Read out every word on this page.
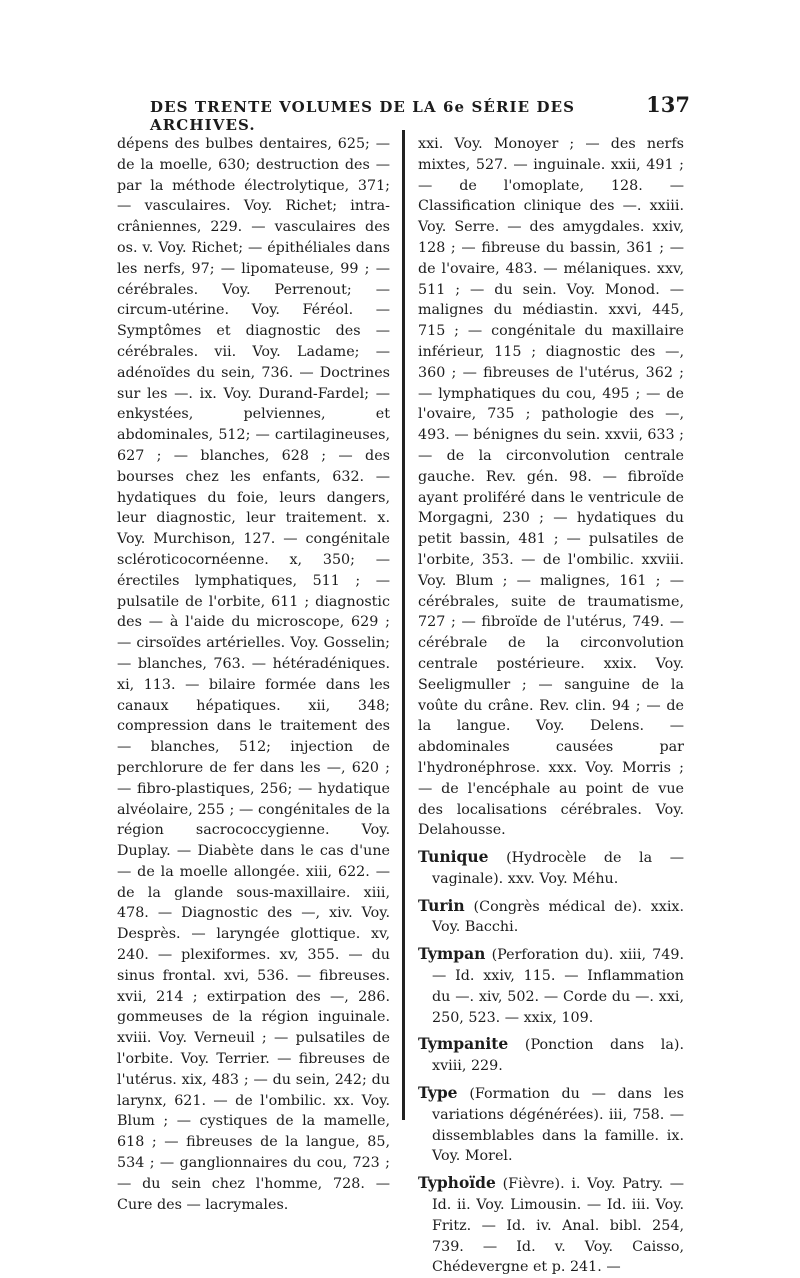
DES TRENTE VOLUMES DE LA 6e SÉRIE DES ARCHIVES.
137

dépens des bulbes dentaires, 625; — de la moelle, 630; destruction des — par la méthode électrolytique, 371; — vasculaires. Voy. Richet; intra-crâniennes, 229. — vasculaires des os. v. Voy. Richet; — épithéliales dans les nerfs, 97; — lipomateuse, 99 ; — cérébrales. Voy. Perrenout; — circum-utérine. Voy. Féréol. — Symptômes et diagnostic des — cérébrales. vii. Voy. Ladame; — adénoïdes du sein, 736. — Doctrines sur les —. ix. Voy. Durand-Fardel; — enkystées, pelviennes, et abdominales, 512; — cartilagineuses, 627 ; — blanches, 628 ; — des bourses chez les enfants, 632. — hydatiques du foie, leurs dangers, leur diagnostic, leur traitement. x. Voy. Murchison, 127. — congénitale scléroticocornéenne. x, 350; — érectiles lymphatiques, 511 ; — pulsatile de l'orbite, 611 ; diagnostic des — à l'aide du microscope, 629 ; — cirsoïdes artérielles. Voy. Gosselin; — blanches, 763. — hétéradéniques. xi, 113. — bilaire formée dans les canaux hépatiques. xii, 348; compression dans le traitement des — blanches, 512; injection de perchlorure de fer dans les —, 620 ; — fibro-plastiques, 256; — hydatique alvéolaire, 255 ; — congénitales de la région sacrococcygienne. Voy. Duplay. — Diabète dans le cas d'une — de la moelle allongée. xiii, 622. — de la glande sous-maxillaire. xiii, 478. — Diagnostic des —, xiv. Voy. Desprès. — laryngée glottique. xv, 240. — plexiformes. xv, 355. — du sinus frontal. xvi, 536. — fibreuses. xvii, 214 ; extirpation des —, 286. gommeuses de la région inguinale. xviii. Voy. Verneuil ; — pulsatiles de l'orbite. Voy. Terrier. — fibreuses de l'utérus. xix, 483 ; — du sein, 242; du larynx, 621. — de l'ombilic. xx. Voy. Blum ; — cystiques de la mamelle, 618 ; — fibreuses de la langue, 85, 534 ; — ganglionnaires du cou, 723 ; — du sein chez l'homme, 728. — Cure des — lacrymales.

xxi. Voy. Monoyer ; — des nerfs mixtes, 527. — inguinale. xxii, 491 ; — de l'omoplate, 128. — Classification clinique des —. xxiii. Voy. Serre. — des amygdales. xxiv, 128 ; — fibreuse du bassin, 361 ; — de l'ovaire, 483. — mélaniques. xxv, 511 ; — du sein. Voy. Monod. — malignes du médiastin. xxvi, 445, 715 ; — congénitale du maxillaire inférieur, 115 ; diagnostic des —, 360 ; — fibreuses de l'utérus, 362 ; — lymphatiques du cou, 495 ; — de l'ovaire, 735 ; pathologie des —, 493. — bénignes du sein. xxvii, 633 ; — de la circonvolution centrale gauche. Rev. gén. 98. — fibroïde ayant proliféré dans le ventricule de Morgagni, 230 ; — hydatiques du petit bassin, 481 ; — pulsatiles de l'orbite, 353. — de l'ombilic. xxviii. Voy. Blum ; — malignes, 161 ; — cérébrales, suite de traumatisme, 727 ; — fibroïde de l'utérus, 749. — cérébrale de la circonvolution centrale postérieure. xxix. Voy. Seeligmuller ; — sanguine de la voûte du crâne. Rev. clin. 94 ; — de la langue. Voy. Delens. — abdominales causées par l'hydronéphrose. xxx. Voy. Morris ; — de l'encéphale au point de vue des localisations cérébrales. Voy. Delahousse.

Tunique (Hydrocèle de la — vaginale). xxv. Voy. Méhu.

Turin (Congrès médical de). xxix. Voy. Bacchi.

Tympan (Perforation du). xiii, 749. — Id. xxiv, 115. — Inflammation du —. xiv, 502. — Corde du —. xxi, 250, 523. — xxix, 109.

Tympanite (Ponction dans la). xviii, 229.

Type (Formation du — dans les variations dégénérées). iii, 758. — dissemblables dans la famille. ix. Voy. Morel.

Typhoïde (Fièvre). i. Voy. Patry. — Id. ii. Voy. Limousin. — Id. iii. Voy. Fritz. — Id. iv. Anal. bibl. 254, 739. — Id. v. Voy. Caisso, Chédevergne et p. 241. —
